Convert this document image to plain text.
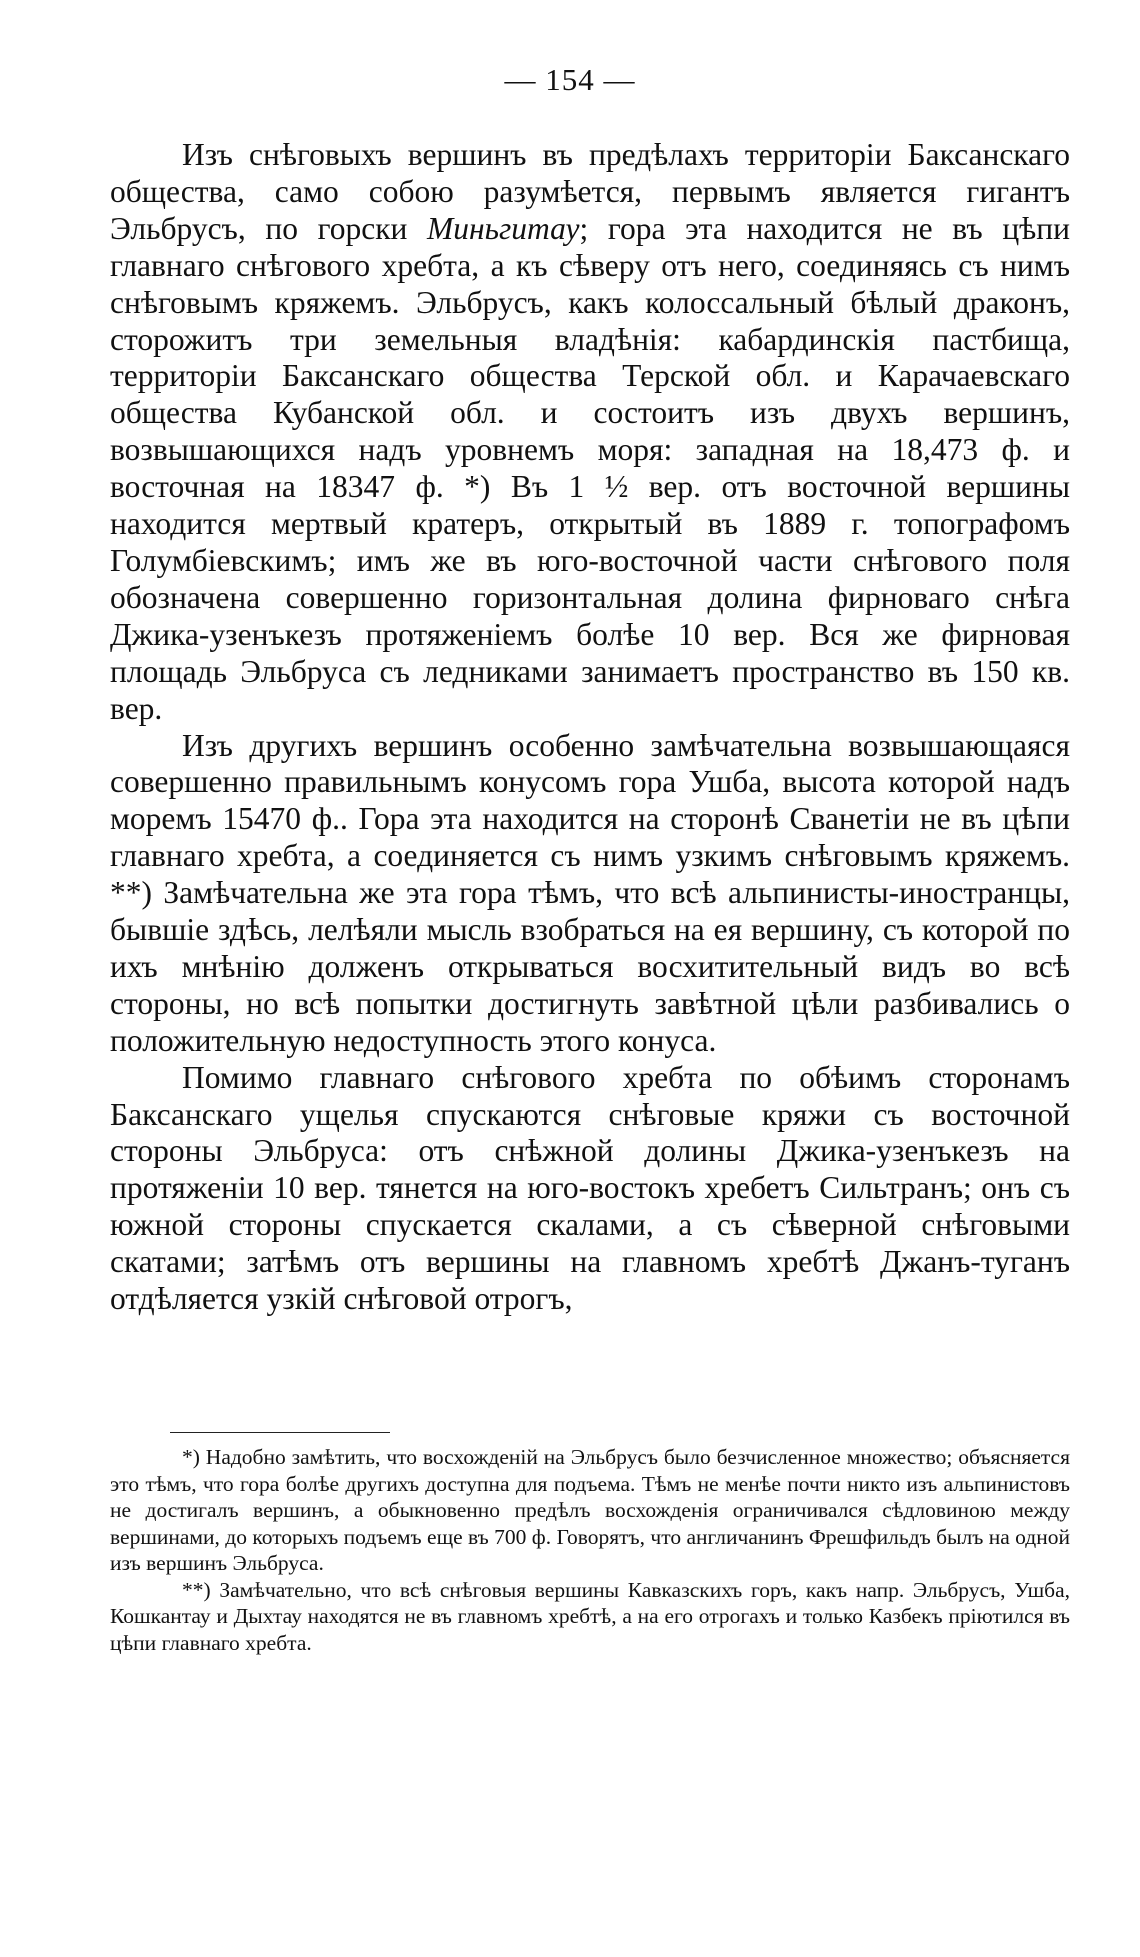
— 154 —

Изъ снѣговыхъ вершинъ въ предѣлахъ территоріи Баксанскаго общества, само собою разумѣется, первымъ является гигантъ Эльбрусъ, по горски Миньгитау; гора эта находится не въ цѣпи главнаго снѣгового хребта, а къ сѣверу отъ него, соединяясь съ нимъ снѣговымъ кряжемъ. Эльбрусъ, какъ колоссальный бѣлый драконъ, сторожитъ три земельныя владѣнія: кабардинскія пастбища, территоріи Баксанскаго общества Терской обл. и Карачаевскаго общества Кубанской обл. и состоитъ изъ двухъ вершинъ, возвышающихся надъ уровнемъ моря: западная на 18,473 ф. и восточная на 18347 ф. *) Въ 1 ½ вер. отъ восточной вершины находится мертвый кратеръ, открытый въ 1889 г. топографомъ Голумбіевскимъ; имъ же въ юго-восточной части снѣгового поля обозначена совершенно горизонтальная долина фирноваго снѣга Джика-узенъкезъ протяженіемъ болѣе 10 вер. Вся же фирновая площадь Эльбруса съ ледниками занимаетъ пространство въ 150 кв. вер.

Изъ другихъ вершинъ особенно замѣчательна возвышающаяся совершенно правильнымъ конусомъ гора Ушба, высота которой надъ моремъ 15470 ф.. Гора эта находится на сторонѣ Сванетіи не въ цѣпи главнаго хребта, а соединяется съ нимъ узкимъ снѣговымъ кряжемъ. **) Замѣчательна же эта гора тѣмъ, что всѣ альпинисты-иностранцы, бывшіе здѣсь, лелѣяли мысль взобраться на ея вершину, съ которой по ихъ мнѣнію долженъ открываться восхитительный видъ во всѣ стороны, но всѣ попытки достигнуть завѣтной цѣли разбивались о положительную недоступность этого конуса.

Помимо главнаго снѣгового хребта по обѣимъ сторонамъ Баксанскаго ущелья спускаются снѣговые кряжи съ восточной стороны Эльбруса: отъ снѣжной долины Джика-узенъкезъ на протяженіи 10 вер. тянется на юго-востокъ хребетъ Сильтранъ; онъ съ южной стороны спускается скалами, а съ сѣверной снѣговыми скатами; затѣмъ отъ вершины на главномъ хребтѣ Джанъ-туганъ отдѣляется узкій снѣговой отрогъ,

*) Надобно замѣтить, что восхожденій на Эльбрусъ было безчисленное множество; объясняется это тѣмъ, что гора болѣе другихъ доступна для подъема. Тѣмъ не менѣе почти никто изъ альпинистовъ не достигалъ вершинъ, а обыкновенно предѣлъ восхожденія ограничивался сѣдловиною между вершинами, до которыхъ подъемъ еще въ 700 ф. Говорятъ, что англичанинъ Фрешфильдъ былъ на одной изъ вершинъ Эльбруса.

**) Замѣчательно, что всѣ снѣговыя вершины Кавказскихъ горъ, какъ напр. Эльбрусъ, Ушба, Кошкантау и Дыхтау находятся не въ главномъ хребтѣ, а на его отрогахъ и только Казбекъ пріютился въ цѣпи главнаго хребта.
